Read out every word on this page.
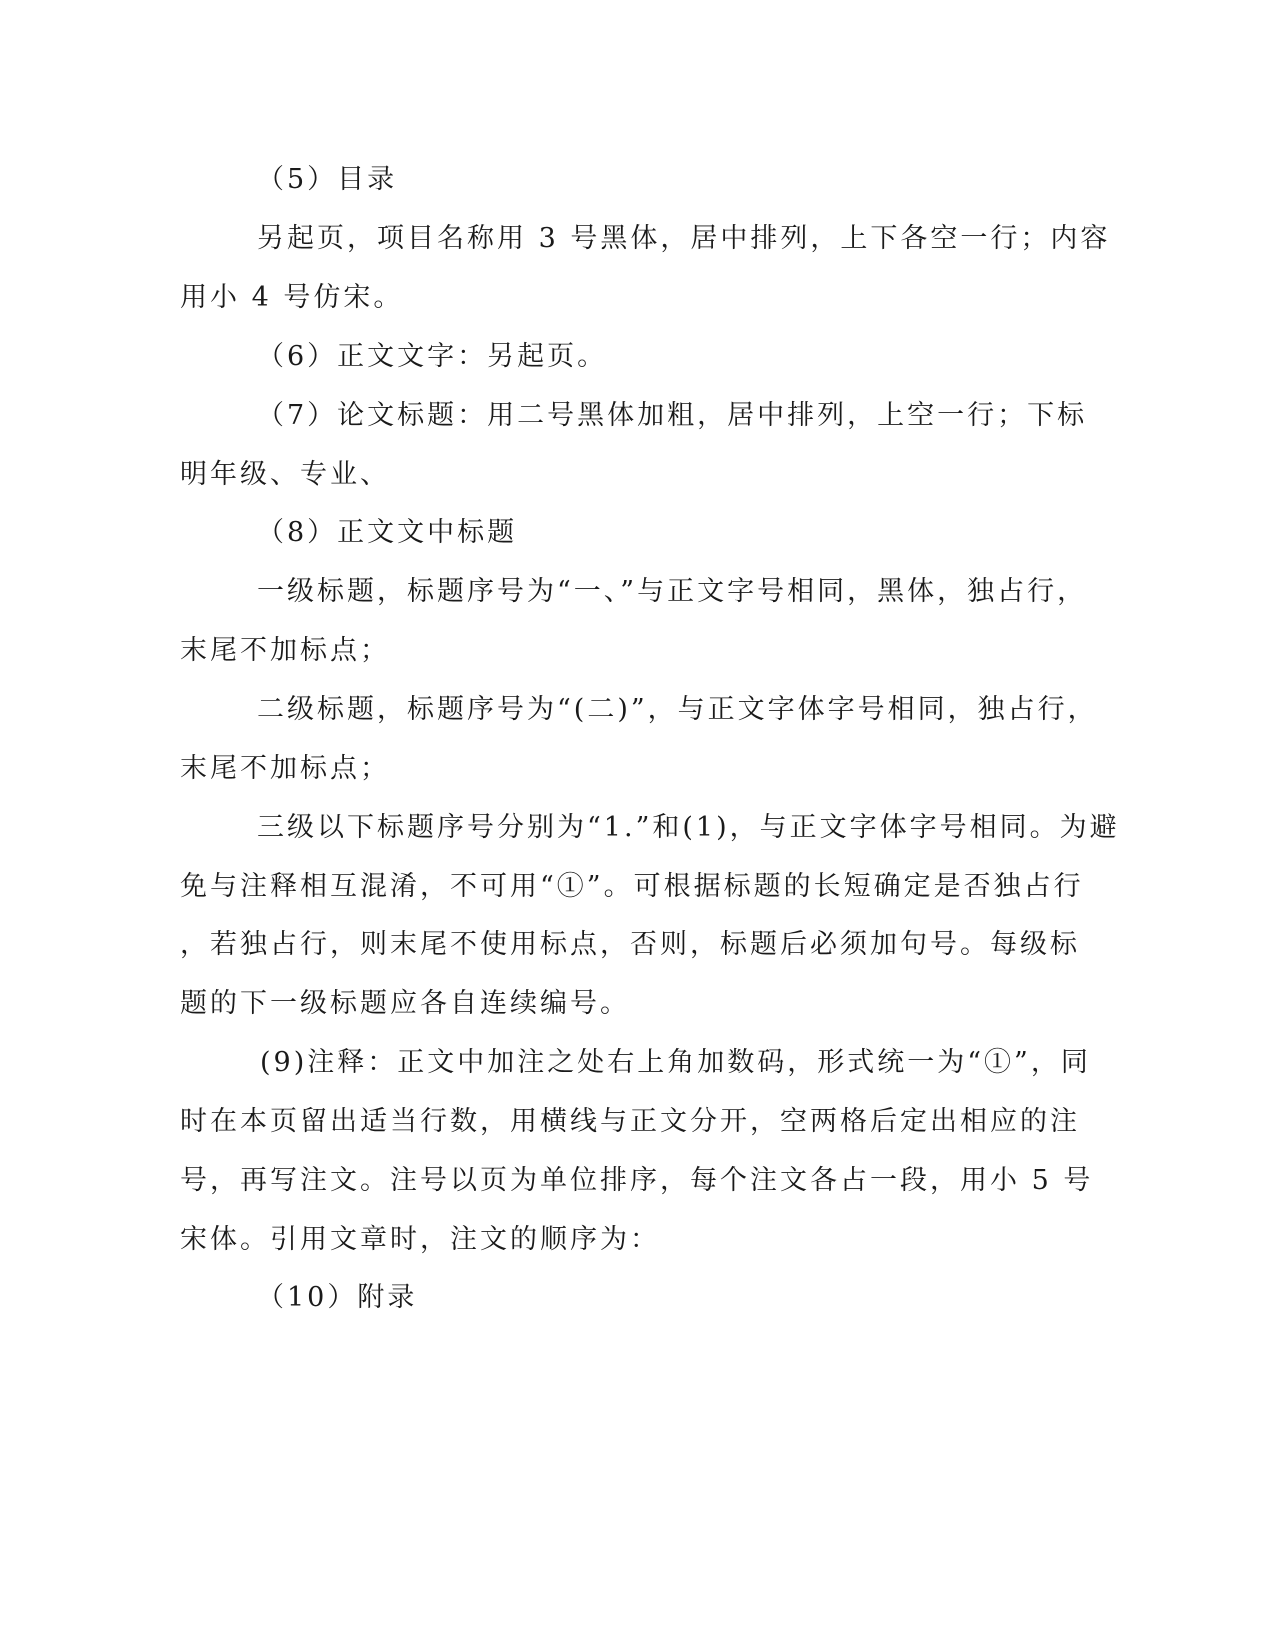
（5）目录
另起页，项目名称用 3 号黑体，居中排列，上下各空一行；内容
用小 4 号仿宋。
（6）正文文字：另起页。
（7）论文标题：用二号黑体加粗，居中排列，上空一行；下标
明年级、专业、
（8）正文文中标题
一级标题，标题序号为“一、”与正文字号相同，黑体，独占行，
末尾不加标点；
二级标题，标题序号为“(二)”，与正文字体字号相同，独占行，
末尾不加标点；
三级以下标题序号分别为“1.”和(1)，与正文字体字号相同。为避
免与注释相互混淆，不可用“①”。可根据标题的长短确定是否独占行
，若独占行，则末尾不使用标点，否则，标题后必须加句号。每级标
题的下一级标题应各自连续编号。
(9)注释：正文中加注之处右上角加数码，形式统一为“①”，同
时在本页留出适当行数，用横线与正文分开，空两格后定出相应的注
号，再写注文。注号以页为单位排序，每个注文各占一段，用小 5 号
宋体。引用文章时，注文的顺序为：
（10）附录
